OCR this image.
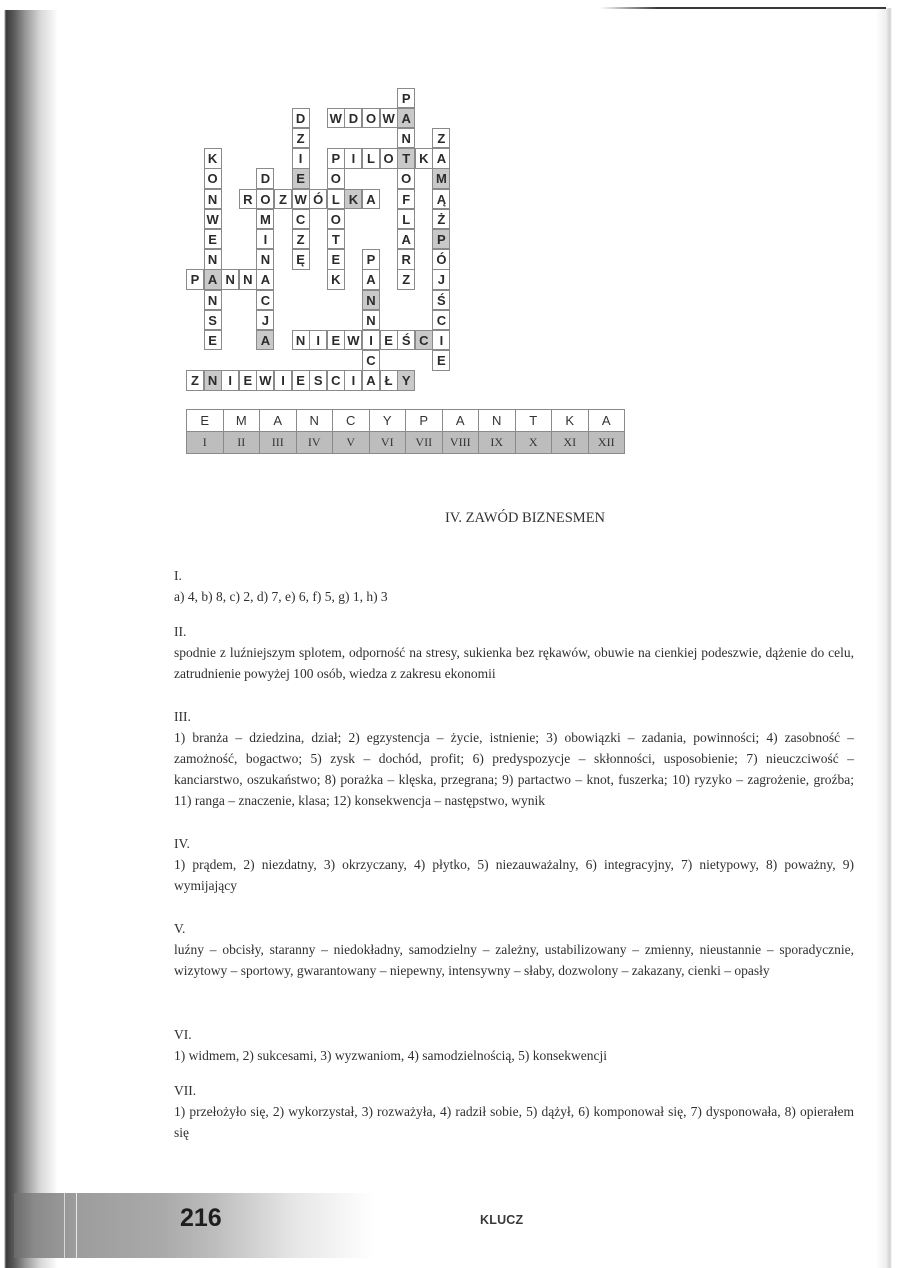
P
A
N
T
O
F
L
A
R
Z
D
Z
I
E
W
C
Z
Ę
W D O W
Z
A
M
Ą
Ż
P
Ó
J
Ś
C
I
E
K
O
N
W
E
N
A
N
S
E
P I L O	K
O
L
O
T
E
K
D
O
M
I
N
A
C
J
A
R	Z	Ó	K A
P
A
N
N
I
C
A
P	N N
N I E W	E Ś C
Z N I E W I E S C I	Ł Y
E	M	A	N	C	Y	P	A	N	T	K	A
I	II	III	IV	V	VI	VII	VIII	IX	X	XI	XII
IV. ZAWÓD BIZNESMEN
I.
a) 4, b) 8, c) 2, d) 7, e) 6, f) 5, g) 1, h) 3
II.
spodnie z luźniejszym splotem, odporność na stresy, sukienka bez rękawów, obuwie na cienkiej podeszwie, dążenie do celu, zatrudnienie powyżej 100 osób, wiedza z zakresu ekonomii
III.
1) branża – dziedzina, dział; 2) egzystencja – życie, istnienie; 3) obowiązki – zadania, powinności; 4) zasobność – zamożność, bogactwo; 5) zysk – dochód, profit; 6) predyspozycje – skłonności, usposobienie; 7) nieuczciwość – kanciarstwo, oszukaństwo; 8) porażka – klęska, przegrana; 9) partactwo – knot, fuszerka; 10) ryzyko – zagrożenie, groźba; 11) ranga – znaczenie, klasa; 12) konsekwencja – następstwo, wynik
IV.
1) prądem, 2) niezdatny, 3) okrzyczany, 4) płytko, 5) niezauważalny, 6) integracyjny, 7) nietypowy, 8) poważny, 9) wymijający
V.
luźny – obcisły, staranny – niedokładny, samodzielny – zależny, ustabilizowany – zmienny, nieustannie – sporadycznie, wizytowy – sportowy, gwarantowany – niepewny, intensywny – słaby, dozwolony – zakazany, cienki – opasły
VI.
1) widmem, 2) sukcesami, 3) wyzwaniom, 4) samodzielnością, 5) konsekwencji
VII.
1) przełożyło się, 2) wykorzystał, 3) rozważyła, 4) radził sobie, 5) dążył, 6) komponował się, 7) dysponowała, 8) opierałem się
216	KLUCZ
